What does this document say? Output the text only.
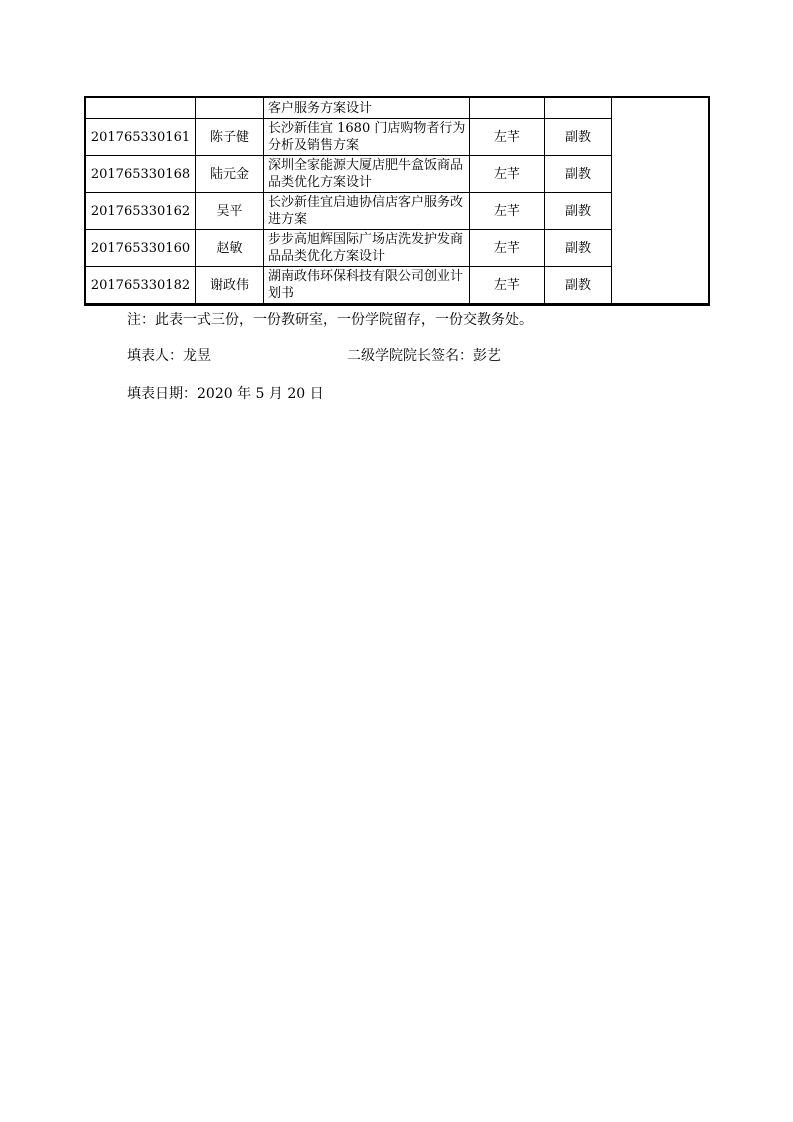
		客户服务方案设计			
201765330161	陈子健	长沙新佳宜 1680 门店购物者行为分析及销售方案	左芊	副教	
201765330168	陆元金	深圳全家能源大厦店肥牛盒饭商品品类优化方案设计	左芊	副教	
201765330162	吴平	长沙新佳宜启迪协信店客户服务改进方案	左芊	副教	
201765330160	赵敏	步步高旭辉国际广场店洗发护发商品品类优化方案设计	左芊	副教	
201765330182	谢政伟	湖南政伟环保科技有限公司创业计划书	左芊	副教	
注：此表一式三份，一份教研室，一份学院留存，一份交教务处。
填表人：龙昱	二级学院院长签名：彭艺
填表日期：2020 年 5 月 20 日
